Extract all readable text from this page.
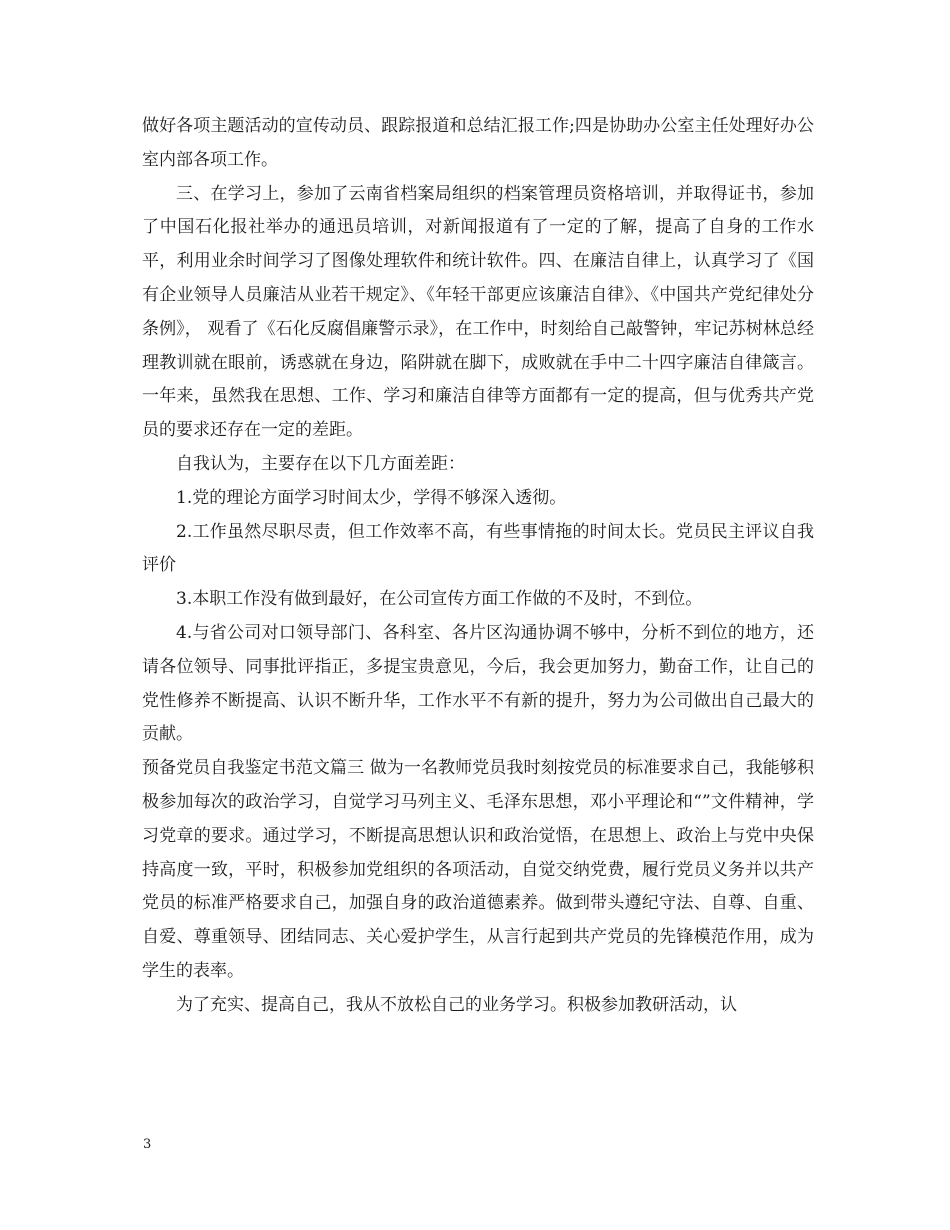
做好各项主题活动的宣传动员、跟踪报道和总结汇报工作;四是协助办公室主任处理好办公室内部各项工作。

三、在学习上，参加了云南省档案局组织的档案管理员资格培训，并取得证书，参加了中国石化报社举办的通迅员培训，对新闻报道有了一定的了解，提高了自身的工作水平，利用业余时间学习了图像处理软件和统计软件。四、在廉洁自律上，认真学习了《国有企业领导人员廉洁从业若干规定》、《年轻干部更应该廉洁自律》、《中国共产党纪律处分条例》， 观看了《石化反腐倡廉警示录》，在工作中，时刻给自己敲警钟，牢记苏树林总经理教训就在眼前，诱惑就在身边，陷阱就在脚下，成败就在手中二十四字廉洁自律箴言。一年来，虽然我在思想、工作、学习和廉洁自律等方面都有一定的提高，但与优秀共产党员的要求还存在一定的差距。

自我认为，主要存在以下几方面差距：

1.党的理论方面学习时间太少，学得不够深入透彻。

2.工作虽然尽职尽责，但工作效率不高，有些事情拖的时间太长。党员民主评议自我评价

3.本职工作没有做到最好，在公司宣传方面工作做的不及时，不到位。

4.与省公司对口领导部门、各科室、各片区沟通协调不够中，分析不到位的地方，还请各位领导、同事批评指正，多提宝贵意见，今后，我会更加努力，勤奋工作，让自己的党性修养不断提高、认识不断升华，工作水平不有新的提升，努力为公司做出自己最大的贡献。

预备党员自我鉴定书范文篇三 做为一名教师党员我时刻按党员的标准要求自己，我能够积极参加每次的政治学习，自觉学习马列主义、毛泽东思想，邓小平理论和“”文件精神，学习党章的要求。通过学习，不断提高思想认识和政治觉悟，在思想上、政治上与党中央保持高度一致，平时，积极参加党组织的各项活动，自觉交纳党费，履行党员义务并以共产党员的标准严格要求自己，加强自身的政治道德素养。做到带头遵纪守法、自尊、自重、自爱、尊重领导、团结同志、关心爱护学生，从言行起到共产党员的先锋模范作用，成为学生的表率。

为了充实、提高自己，我从不放松自己的业务学习。积极参加教研活动，认

3
